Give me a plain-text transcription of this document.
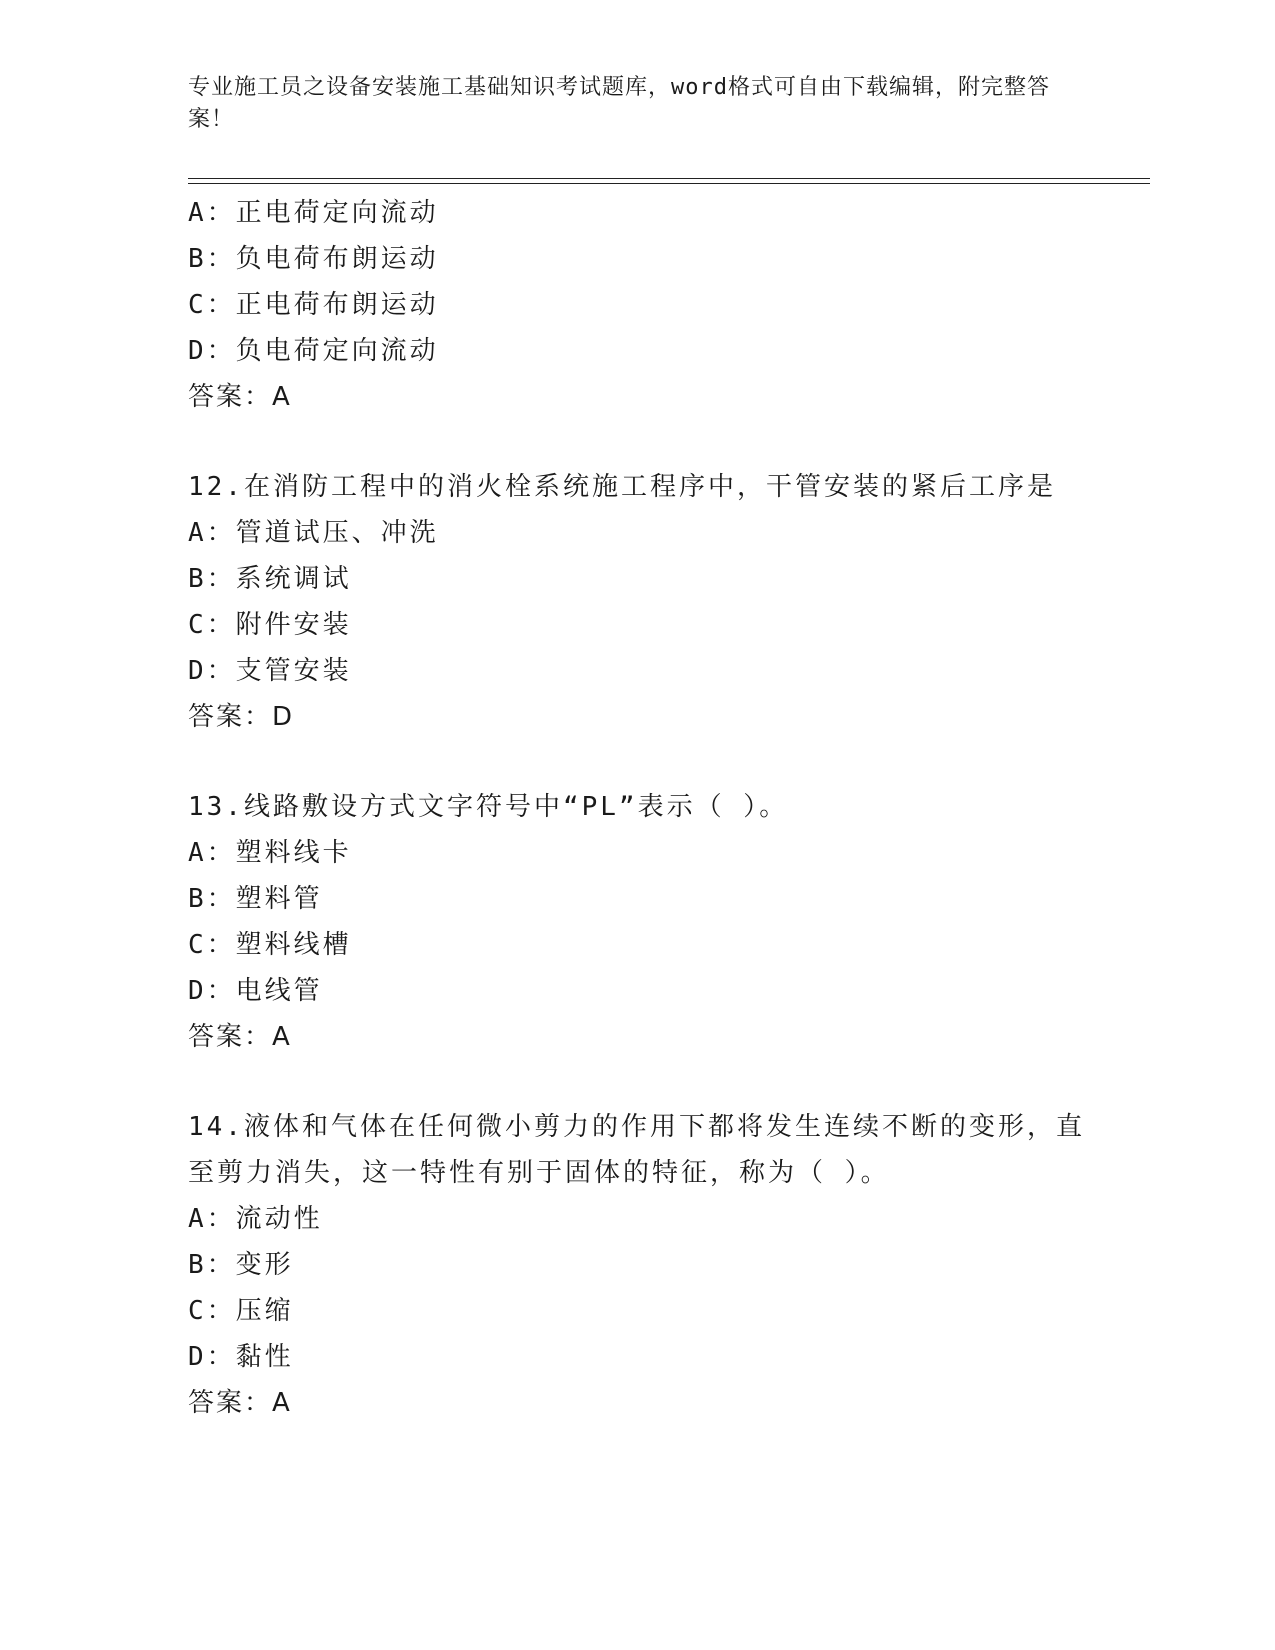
专业施工员之设备安装施工基础知识考试题库，word格式可自由下载编辑，附完整答案！
A：正电荷定向流动
B：负电荷布朗运动
C：正电荷布朗运动
D：负电荷定向流动
答案：A
12.在消防工程中的消火栓系统施工程序中，干管安装的紧后工序是
A：管道试压、冲洗
B：系统调试
C：附件安装
D：支管安装
答案：D
13.线路敷设方式文字符号中“PL”表示（ ）。
A：塑料线卡
B：塑料管
C：塑料线槽
D：电线管
答案：A
14.液体和气体在任何微小剪力的作用下都将发生连续不断的变形，直至剪力消失，这一特性有别于固体的特征，称为（ ）。
A：流动性
B：变形
C：压缩
D：黏性
答案：A
